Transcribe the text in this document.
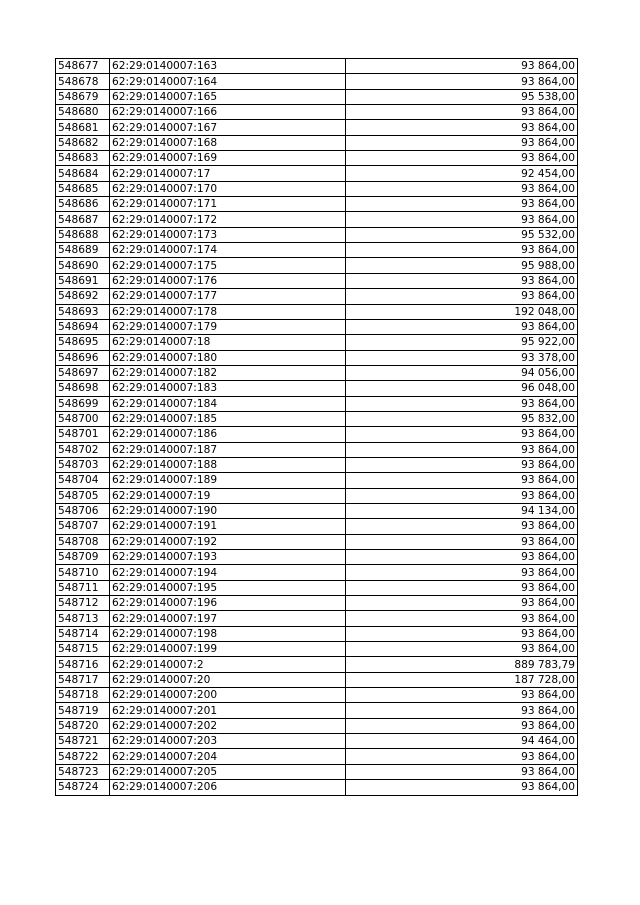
548677	62:29:0140007:163	93 864,00
548678	62:29:0140007:164	93 864,00
548679	62:29:0140007:165	95 538,00
548680	62:29:0140007:166	93 864,00
548681	62:29:0140007:167	93 864,00
548682	62:29:0140007:168	93 864,00
548683	62:29:0140007:169	93 864,00
548684	62:29:0140007:17	92 454,00
548685	62:29:0140007:170	93 864,00
548686	62:29:0140007:171	93 864,00
548687	62:29:0140007:172	93 864,00
548688	62:29:0140007:173	95 532,00
548689	62:29:0140007:174	93 864,00
548690	62:29:0140007:175	95 988,00
548691	62:29:0140007:176	93 864,00
548692	62:29:0140007:177	93 864,00
548693	62:29:0140007:178	192 048,00
548694	62:29:0140007:179	93 864,00
548695	62:29:0140007:18	95 922,00
548696	62:29:0140007:180	93 378,00
548697	62:29:0140007:182	94 056,00
548698	62:29:0140007:183	96 048,00
548699	62:29:0140007:184	93 864,00
548700	62:29:0140007:185	95 832,00
548701	62:29:0140007:186	93 864,00
548702	62:29:0140007:187	93 864,00
548703	62:29:0140007:188	93 864,00
548704	62:29:0140007:189	93 864,00
548705	62:29:0140007:19	93 864,00
548706	62:29:0140007:190	94 134,00
548707	62:29:0140007:191	93 864,00
548708	62:29:0140007:192	93 864,00
548709	62:29:0140007:193	93 864,00
548710	62:29:0140007:194	93 864,00
548711	62:29:0140007:195	93 864,00
548712	62:29:0140007:196	93 864,00
548713	62:29:0140007:197	93 864,00
548714	62:29:0140007:198	93 864,00
548715	62:29:0140007:199	93 864,00
548716	62:29:0140007:2	889 783,79
548717	62:29:0140007:20	187 728,00
548718	62:29:0140007:200	93 864,00
548719	62:29:0140007:201	93 864,00
548720	62:29:0140007:202	93 864,00
548721	62:29:0140007:203	94 464,00
548722	62:29:0140007:204	93 864,00
548723	62:29:0140007:205	93 864,00
548724	62:29:0140007:206	93 864,00
